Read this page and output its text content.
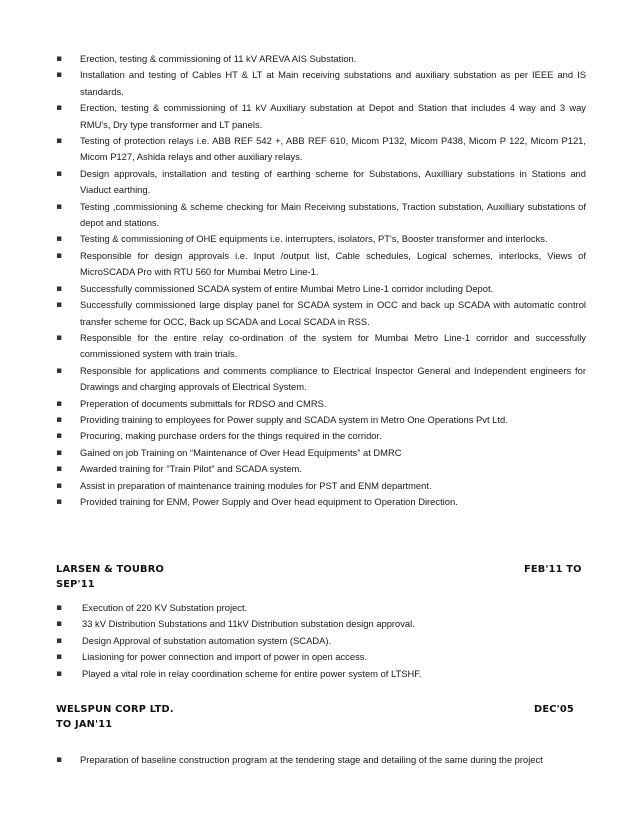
▪ Erection, testing & commissioning of 11 kV AREVA AIS Substation.
▪ Installation and testing of Cables HT & LT at Main receiving substations and auxiliary substation as per IEEE and IS standards.
▪ Erection, testing & commissioning of 11 kV Auxiliary substation at Depot and Station that includes 4 way and 3 way RMU's, Dry type transformer and LT panels.
▪ Testing of protection relays i.e. ABB REF 542 +, ABB REF 610, Micom P132, Micom P438, Micom P 122, Micom P121, Micom P127, Ashida relays and other auxiliary relays.
▪ Design approvals, installation and testing of earthing scheme for Substations, Auxilliary substations in Stations and Viaduct earthing.
▪ Testing ,commissioning & scheme checking for Main Receiving substations, Traction substation, Auxilliary substations of depot and stations.
▪ Testing & commissioning of OHE equipments i.e. interrupters, isolators, PT's, Booster transformer and interlocks.
▪ Responsible for design approvals i.e. Input /output list, Cable schedules, Logical schemes, interlocks, Views of MicroSCADA Pro with RTU 560 for Mumbai Metro Line-1.
▪ Successfully commissioned SCADA system of entire Mumbai Metro Line-1 corridor including Depot.
▪ Successfully commissioned large display panel for SCADA system in OCC and back up SCADA with automatic control transfer scheme for OCC, Back up SCADA and Local SCADA in RSS.
▪ Responsible for the entire relay co-ordination of the system for Mumbai Metro Line-1 corridor and successfully commissioned system with train trials.
▪ Responsible for applications and comments compliance to Electrical Inspector General and Independent engineers for Drawings and charging approvals of Electrical System.
▪ Preperation of documents submittals for RDSO and CMRS.
▪ Providing training to employees for Power supply and SCADA system in Metro One Operations Pvt Ltd.
▪ Procuring, making purchase orders for the things required in the corridor.
▪ Gained on job Training on “Maintenance of Over Head Equipments” at DMRC
▪ Awarded training for “Train Pilot” and SCADA system.
▪ Assist in preparation of maintenance training modules for PST and ENM department.
▪ Provided training for ENM, Power Supply and Over head equipment to Operation Direction.
LARSEN & TOUBRO	FEB'11 TO
SEP'11
▪ Execution of 220 KV Substation project.
▪ 33 kV Distribution Substations and 11kV Distribution substation design approval.
▪ Design Approval of substation automation system (SCADA).
▪ Liasioning for power connection and import of power in open access.
▪ Played a vital role in relay coordination scheme for entire power system of LTSHF.
WELSPUN CORP LTD.	DEC'05
TO JAN'11
▪ Preparation of baseline construction program at the tendering stage and detailing of the same during the project
